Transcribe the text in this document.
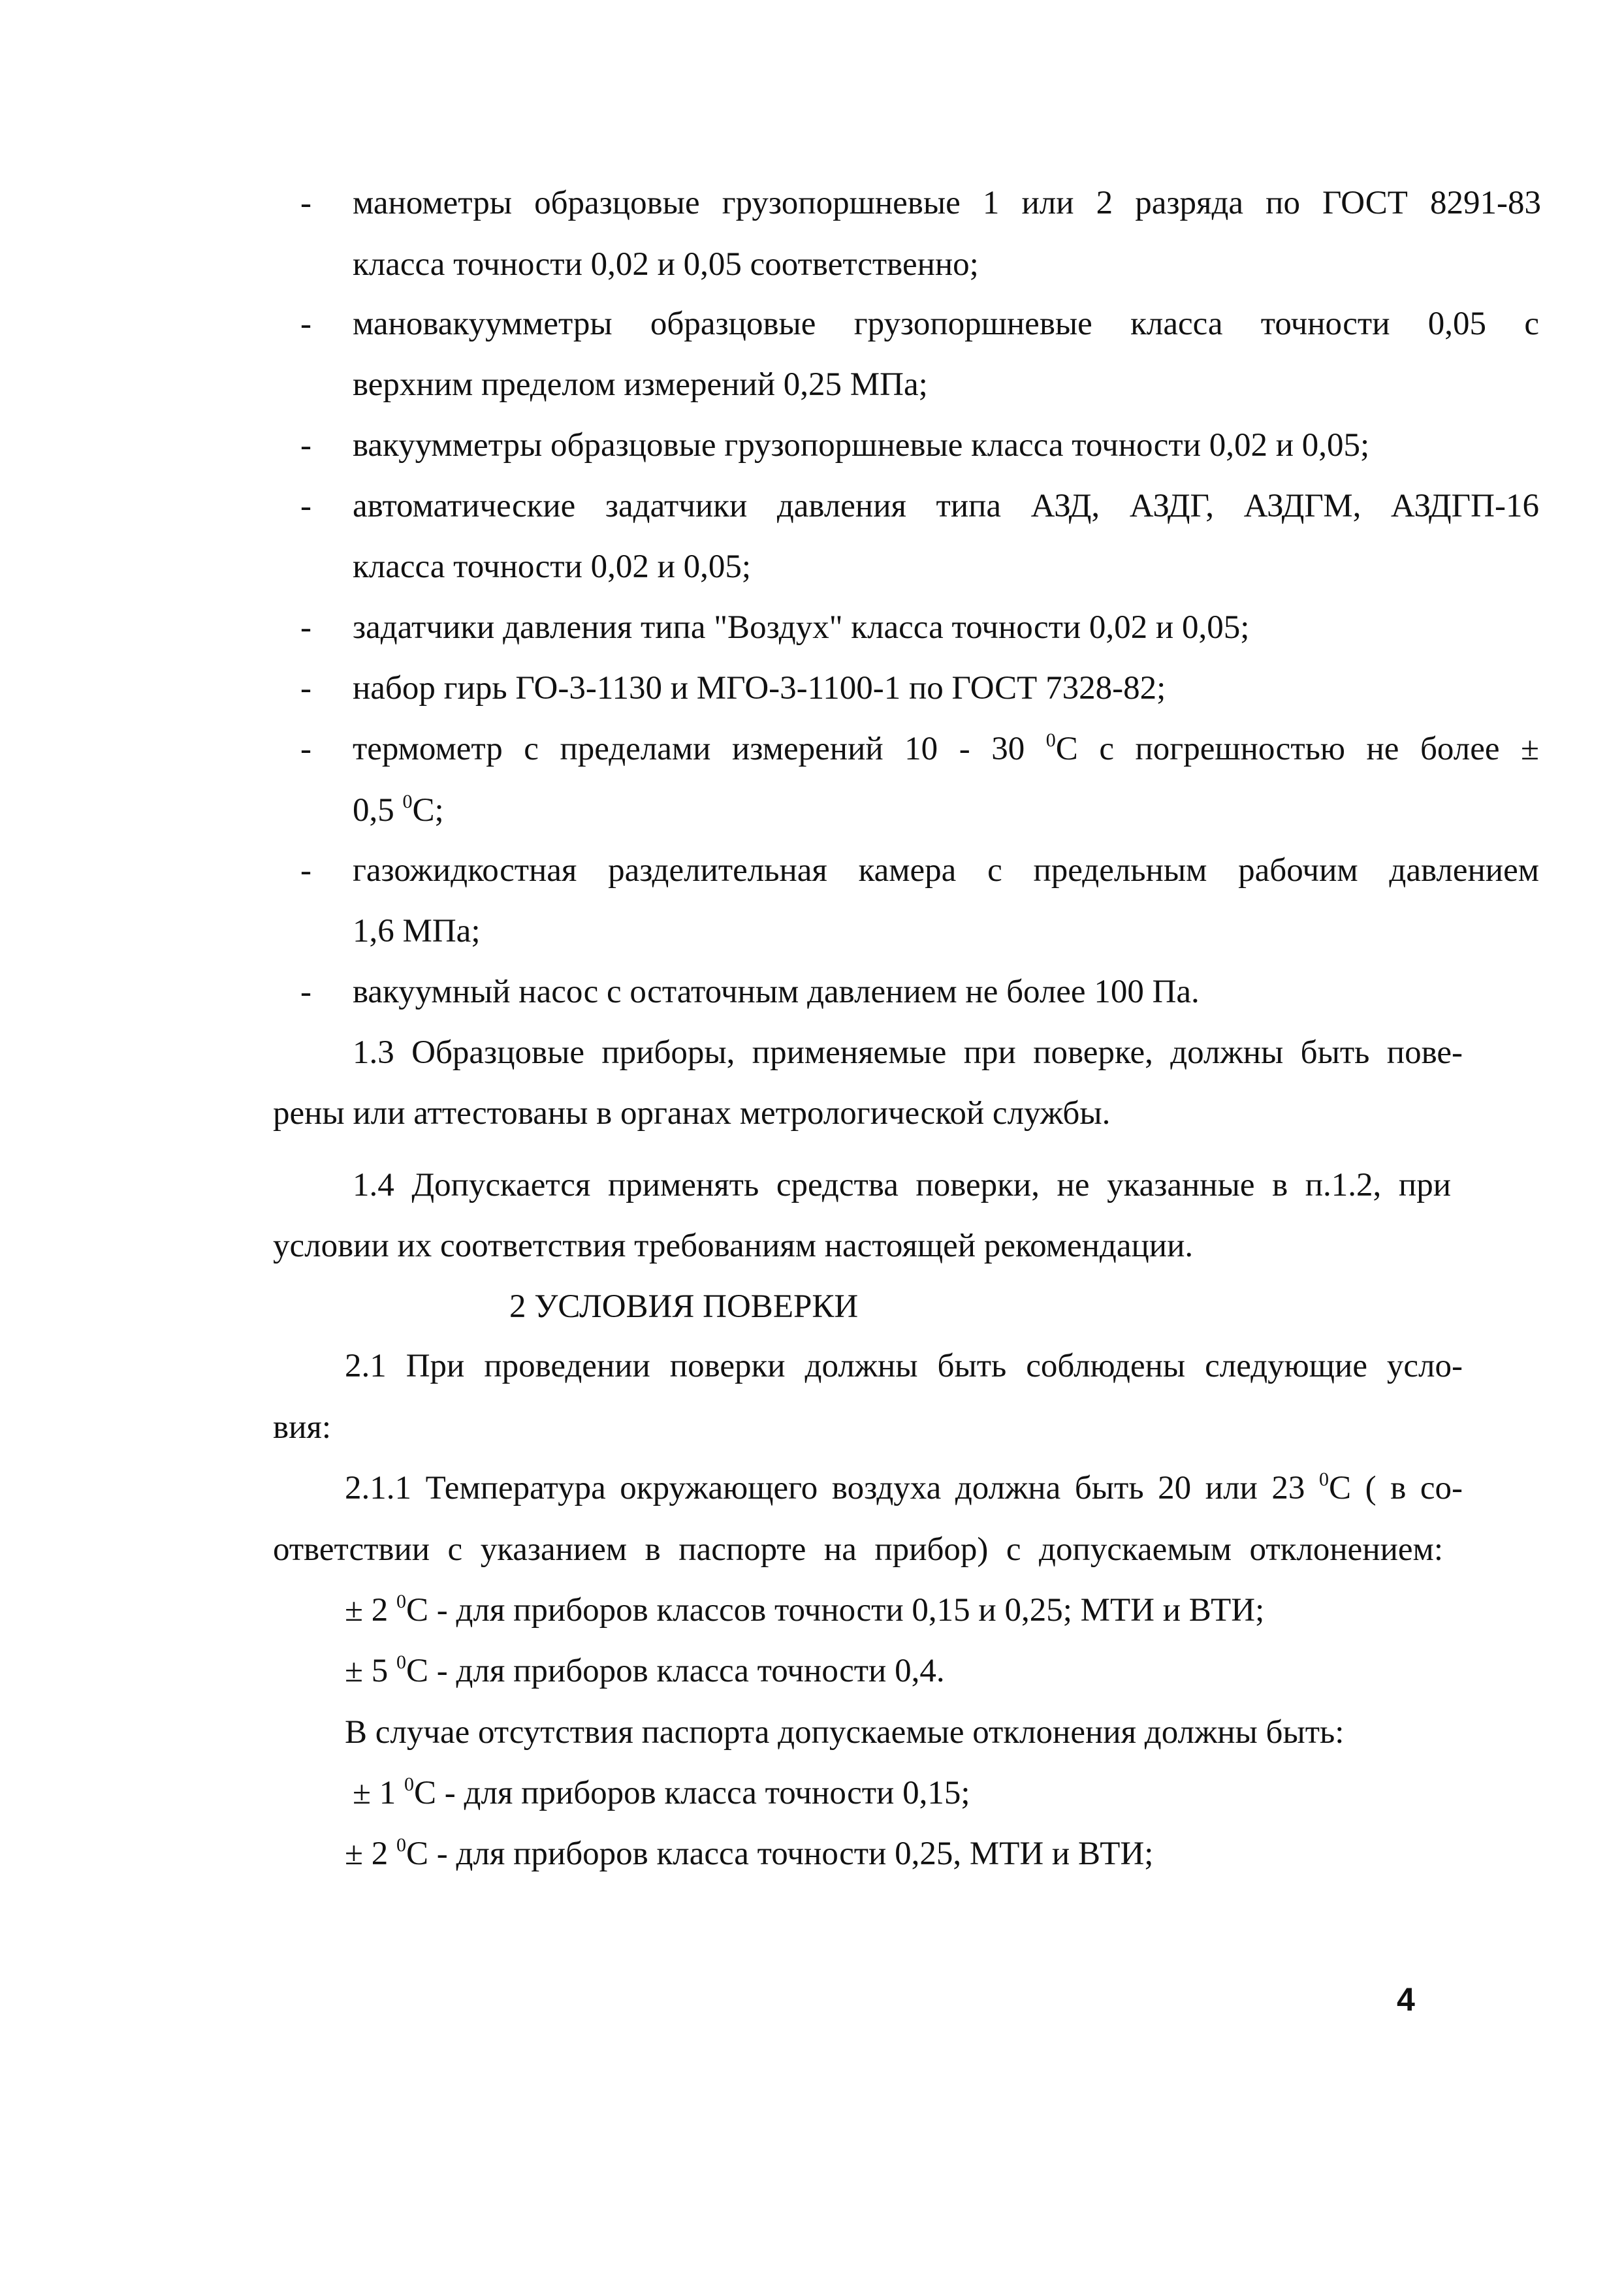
-	манометры образцовые грузопоршневые 1 или 2 разряда по ГОСТ 8291-83
класса точности 0,02 и 0,05 соответственно;
-	мановакуумметры образцовые грузопоршневые класса точности 0,05 с
верхним пределом измерений 0,25 МПа;
-	вакуумметры образцовые грузопоршневые класса точности 0,02 и 0,05;
-	автоматические задатчики давления типа АЗД, АЗДГ, АЗДГМ, АЗДГП-16
класса точности 0,02 и 0,05;
-	задатчики давления типа "Воздух" класса точности 0,02 и 0,05;
-	набор гирь ГО-3-1130 и МГО-3-1100-1 по ГОСТ 7328-82;
-	термометр с пределами измерений 10 - 30 $^0$С с погрешностью не более ±
0,5 $^0$С;
-	газожидкостная разделительная камера с предельным рабочим давлением
1,6 МПа;
-	вакуумный насос с остаточным давлением не более 100 Па.
1.3 Образцовые приборы, применяемые при поверке, должны быть пове-
рены или аттестованы в органах метрологической службы.
1.4 Допускается применять средства поверки, не указанные в п.1.2, при
условии их соответствия требованиям настоящей рекомендации.
2 УСЛОВИЯ ПОВЕРКИ
2.1 При проведении поверки должны быть соблюдены следующие усло-
вия:
2.1.1 Температура окружающего воздуха должна быть 20 или 23 $^0$С ( в со-
ответствии с указанием в паспорте на прибор) с допускаемым отклонением:
± 2 $^0$С - для приборов классов точности 0,15 и 0,25; МТИ и ВТИ;
± 5 $^0$С - для приборов класса точности 0,4.
В случае отсутствия паспорта допускаемые отклонения должны быть:
± 1 $^0$С - для приборов класса точности 0,15;
± 2 $^0$С - для приборов класса точности 0,25, МТИ и ВТИ;
4
